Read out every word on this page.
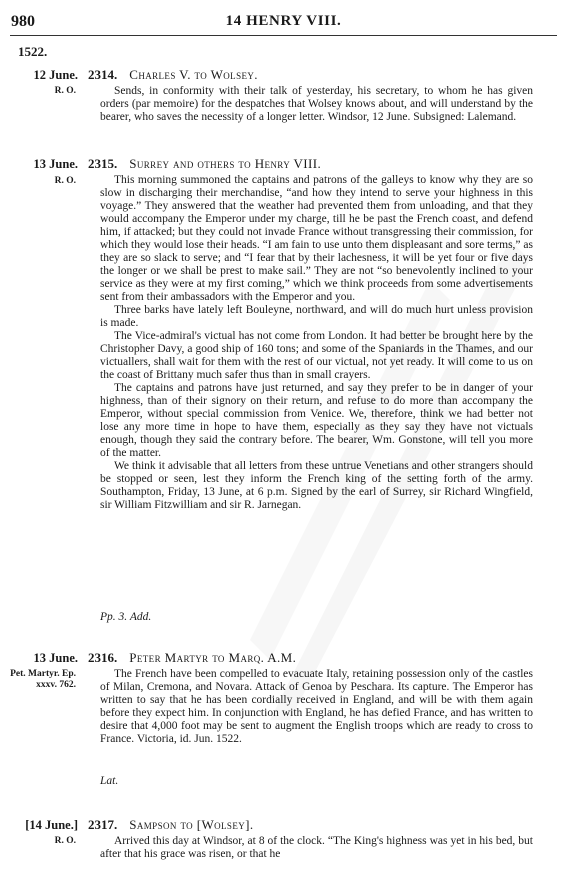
980	14 HENRY VIII.
1522.
12 June.
R. O.
2314. Charles V. to Wolsey.

Sends, in conformity with their talk of yesterday, his secretary, to whom he has given orders (par memoire) for the despatches that Wolsey knows about, and will understand by the bearer, who saves the necessity of a longer letter. Windsor, 12 June. Subsigned: Lalemand.

13 June.
R. O.
2315. Surrey and others to Henry VIII.

This morning summoned the captains and patrons of the galleys to know why they are so slow in discharging their merchandise, “and how they intend to serve your highness in this voyage.” They answered that the weather had prevented them from unloading, and that they would accompany the Emperor under my charge, till he be past the French coast, and defend him, if attacked; but they could not invade France without transgressing their commission, for which they would lose their heads. “I am fain to use unto them displeasant and sore terms,” as they are so slack to serve; and “I fear that by their lachesness, it will be yet four or five days the longer or we shall be prest to make sail.” They are not “so benevolently inclined to your service as they were at my first coming,” which we think proceeds from some advertisements sent from their ambassadors with the Emperor and you.

Three barks have lately left Bouleyne, northward, and will do much hurt unless provision is made.

The Vice-admiral's victual has not come from London. It had better be brought here by the Christopher Davy, a good ship of 160 tons; and some of the Spaniards in the Thames, and our victuallers, shall wait for them with the rest of our victual, not yet ready. It will come to us on the coast of Brittany much safer thus than in small crayers.

The captains and patrons have just returned, and say they prefer to be in danger of your highness, than of their signory on their return, and refuse to do more than accompany the Emperor, without special commission from Venice. We, therefore, think we had better not lose any more time in hope to have them, especially as they say they have not victuals enough, though they said the contrary before. The bearer, Wm. Gonstone, will tell you more of the matter.

We think it advisable that all letters from these untrue Venetians and other strangers should be stopped or seen, lest they inform the French king of the setting forth of the army. Southampton, Friday, 13 June, at 6 p.m. Signed by the earl of Surrey, sir Richard Wingfield, sir William Fitzwilliam and sir R. Jarnegan.

Pp. 3. Add.
13 June.
Pet. Martyr. Ep. xxxv. 762.
2316. Peter Martyr to Marq. A.M.

The French have been compelled to evacuate Italy, retaining possession only of the castles of Milan, Cremona, and Novara. Attack of Genoa by Peschara. Its capture. The Emperor has written to say that he has been cordially received in England, and will be with them again before they expect him. In conjunction with England, he has defied France, and has written to desire that 4,000 foot may be sent to augment the English troops which are ready to cross to France. Victoria, id. Jun. 1522.

Lat.
[14 June.]
R. O.
2317. Sampson to [Wolsey].

Arrived this day at Windsor, at 8 of the clock. “The King's highness was yet in his bed, but after that his grace was risen, or that he
